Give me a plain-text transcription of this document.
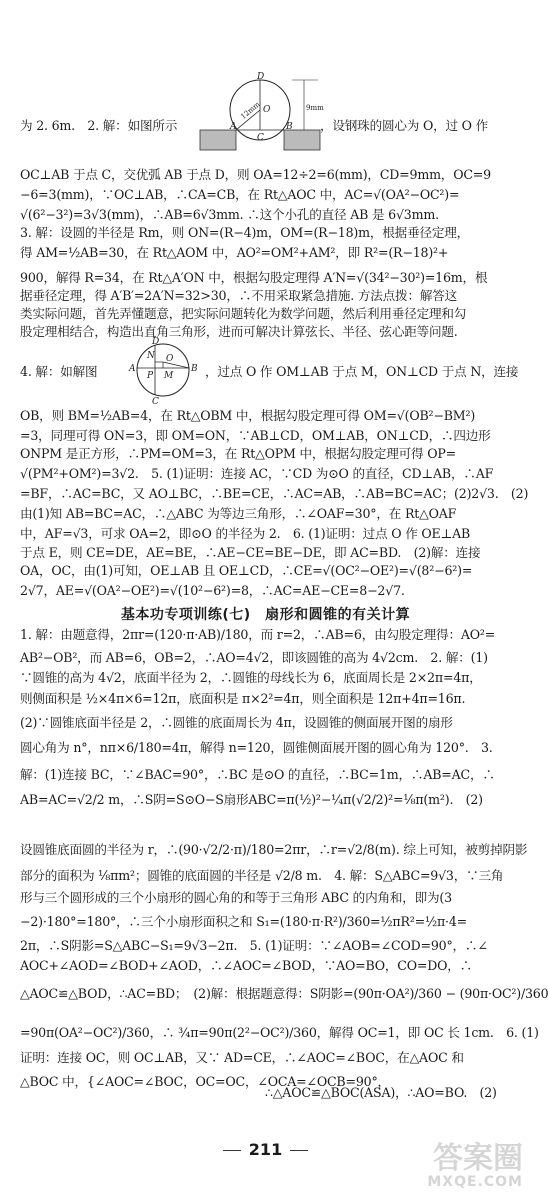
为 2. 6m.　2. 解：如图所示	，设钢珠的圆心为 O，过 O 作
OC⊥AB 于点 C，交优弧 AB 于点 D，则 OA=12÷2=6(mm)，CD=9mm，OC=9
−6=3(mm)，∵OC⊥AB，∴CA=CB，在 Rt△AOC 中，AC=√(OA²−OC²)=
√(6²−3²)=3√3(mm)，∴AB=6√3mm. ∴这个小孔的直径 AB 是 6√3mm.
3. 解：设圆的半径是 Rm，则 ON=(R−4)m，OM=(R−18)m，根据垂径定理，
得 AM=½AB=30，在 Rt△AOM 中，AO²=OM²+AM²，即 R²=(R−18)²+
900，解得 R=34，在 Rt△A′ON 中，根据勾股定理得 A′N=√(34²−30²)=16m，根
据垂径定理，得 A′B′=2A′N=32>30，∴不用采取紧急措施. 方法点拨：解答这
类实际问题，首先弄懂题意，把实际问题转化为数学问题，然后利用垂径定理和勾
股定理相结合，构造出直角三角形，进而可解决计算弦长、半径、弦心距等问题.
4. 解：如解图	，过点 O 作 OM⊥AB 于点 M，ON⊥CD 于点 N，连接
OB，则 BM=½AB=4，在 Rt△OBM 中，根据勾股定理可得 OM=√(OB²−BM²)
=3，同理可得 ON=3，即 OM=ON，∵AB⊥CD，OM⊥AB，ON⊥CD，∴四边形
ONPM 是正方形，∴PM=OM=3，在 Rt△OPM 中，根据勾股定理可得 OP=
√(PM²+OM²)=3√2.　5. (1)证明：连接 AC，∵CD 为⊙O 的直径，CD⊥AB，∴AF
=BF，∴AC=BC，又 AO⊥BC，∴BE=CE，∴AC=AB，∴AB=BC=AC；(2)2√3.　(2)
由(1)知 AB=BC=AC，∴△ABC 为等边三角形，∴∠OAF=30°，在 Rt△OAF
中，AF=√3，可求 OA=2，即⊙O 的半径为 2.　6. (1)证明：过点 O 作 OE⊥AB
于点 E，则 CE=DE，AE=BE，∴AE−CE=BE−DE，即 AC=BD.　(2)解：连接
OA，OC，由(1)可知，OE⊥AB 且 OE⊥CD，∴CE=√(OC²−OE²)=√(8²−6²)=
2√7，AE=√(OA²−OE²)=√(10²−6²)=8，∴AC=AE−CE=8−2√7.
基本功专项训练(七)　扇形和圆锥的有关计算
1. 解：由题意得，2πr=(120·π·AB)/180，而 r=2，∴AB=6，由勾股定理得：AO²=
AB²−OB²，而 AB=6，OB=2，∴AO=4√2，即该圆锥的高为 4√2cm.　2. 解：(1)
∵圆锥的高为 4√2，底面半径为 2，∴圆锥的母线长为 6，底面周长是 2×2π=4π，
则侧面积是 ½×4π×6=12π，底面积是 π×2²=4π，则全面积是 12π+4π=16π.
(2)∵圆锥底面半径是 2，∴圆锥的底面周长为 4π，设圆锥的侧面展开图的扇形
圆心角为 n°，nπ×6/180=4π，解得 n=120，圆锥侧面展开图的圆心角为 120°.　3.
解：(1)连接 BC，∵∠BAC=90°，∴BC 是⊙O 的直径，∴BC=1m，∴AB=AC，∴
AB=AC=√2/2 m，∴S阴=S⊙O−S扇形ABC=π(½)²−¼π(√2/2)²=⅛π(m²).　(2)
设圆锥底面圆的半径为 r，∴(90·√2/2·π)/180=2πr，∴r=√2/8(m). 综上可知，被剪掉阴影
部分的面积为 ⅛πm²；圆锥的底面圆的半径是 √2/8 m.　4. 解：S△ABC=9√3，∵三角
形与三个圆形成的三个小扇形的圆心角的和等于三角形 ABC 的内角和，即为(3
−2)·180°=180°，∴三个小扇形面积之和 S₁=(180·π·R²)/360=½πR²=½π·4=
2π，∴S阴影=S△ABC−S₁=9√3−2π.　5. (1)证明：∵∠AOB=∠COD=90°，∴∠
AOC+∠AOD=∠BOD+∠AOD，∴∠AOC=∠BOD，∵AO=BO，CO=DO，∴
△AOC≌△BOD，∴AC=BD；　(2)解：根据题意得：S阴影=(90π·OA²)/360 − (90π·OC²)/360
=90π(OA²−OC²)/360，∴ ¾π=90π(2²−OC²)/360，解得 OC=1，即 OC 长 1cm.　6. (1)
证明：连接 OC，则 OC⊥AB，又∵ AD=CE，∴∠AOC=∠BOC，在△AOC 和
△BOC 中，{∠AOC=∠BOC，OC=OC，∠OCA=∠OCB=90°，
∴△AOC≌△BOC(ASA)，∴AO=BO.　(2)
D
O
12mm	9mm
A
C
B
O
A
D
P
B
M
C
N
211	答案圈
MXQE.COM
